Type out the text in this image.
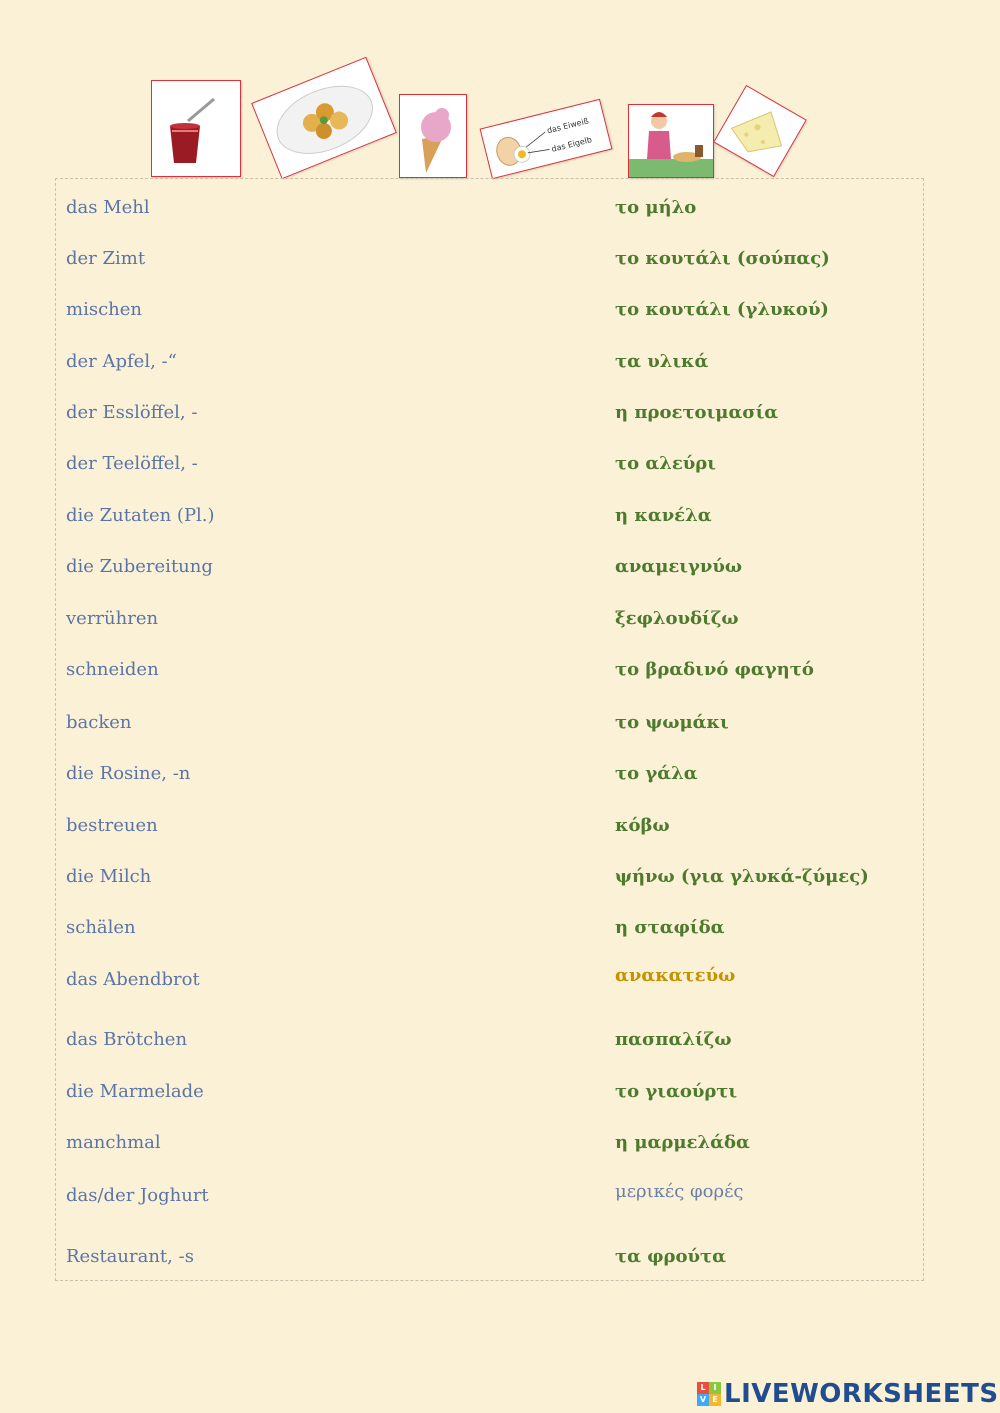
das Eiweiß
das Eigelb
das Mehl	το μήλο
der Zimt	το κουτάλι (σούπας)
mischen	το κουτάλι (γλυκού)
der Apfel, -“	τα υλικά
der Esslöffel, -	η προετοιμασία
der Teelöffel, -	το αλεύρι
die Zutaten (Pl.)	η κανέλα
die Zubereitung	αναμειγνύω
verrühren	ξεφλουδίζω
schneiden	το βραδινό φαγητό
backen	το ψωμάκι
die Rosine, -n	το γάλα
bestreuen	κόβω
die Milch	ψήνω (για γλυκά-ζύμες)
schälen	η σταφίδα
das Abendbrot	ανακατεύω
das Brötchen	πασπαλίζω
die Marmelade	το γιαούρτι
manchmal	η μαρμελάδα
das/der Joghurt	μερικές φορές
Restaurant, -s	τα φρούτα
L I
V E LIVEWORKSHEETS
